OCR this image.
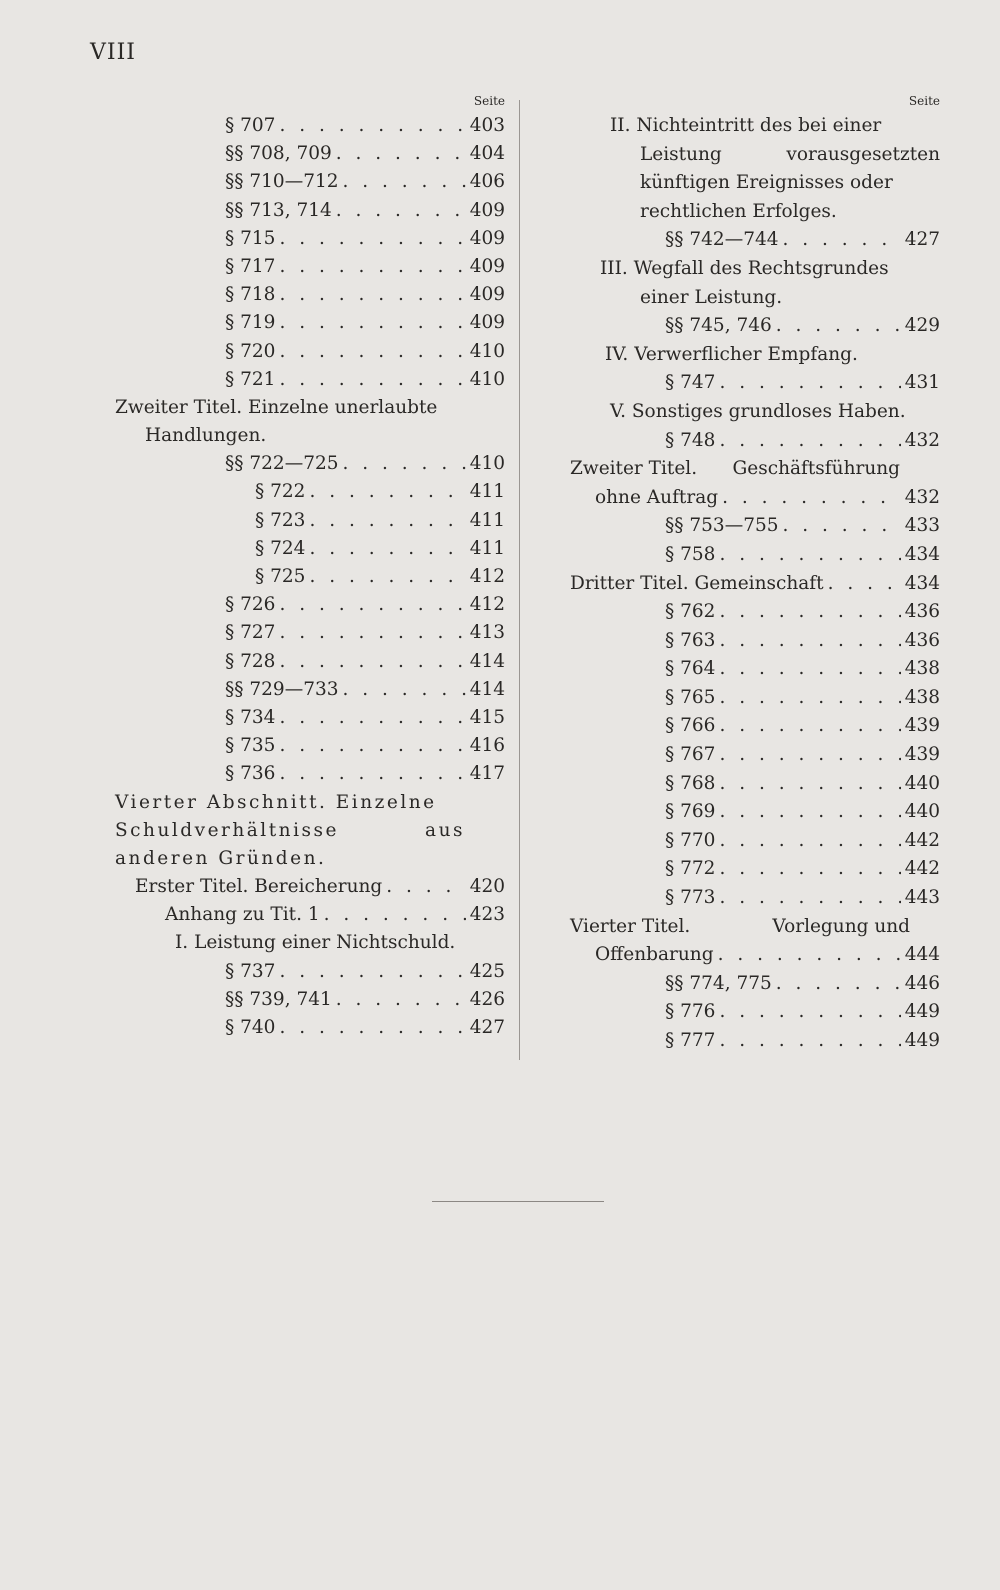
VIII
Seite
§ 707 . . .	403
§§ 708, 709 . . .	404
§§ 710—712 . . .	406
§§ 713, 714 . . .	409
§ 715 . . .	409
§ 717 . . .	409
§ 718 . . .	409
§ 719 . . .	409
§ 720 . . .	410
§ 721 . . .	410
Zweiter Titel. Einzelne unerlaubte
Handlungen.
§§ 722—725 . . .	410
§ 722 . . .	411
§ 723 . . .	411
§ 724 . . .	411
§ 725 . . .	412
§ 726 . . .	412
§ 727 . . .	413
§ 728 . . .	414
§§ 729—733 . . .	414
§ 734 . . .	415
§ 735 . . .	416
§ 736 . . .	417
Vierter Abschnitt. Einzelne
Schuldverhältnisse	aus
anderen Gründen.
Erster Titel. Bereicherung . . .	420
Anhang zu Tit. 1 . . .	423
I. Leistung einer Nichtschuld.
§ 737 . . .	425
§§ 739, 741 . . .	426
§ 740 . . .	427
Seite
II. Nichteintritt des bei einer
Leistung	vorausgesetzten
künftigen Ereignisses oder
rechtlichen Erfolges.
§§ 742—744 . . .	427
III. Wegfall des Rechtsgrundes
einer Leistung.
§§ 745, 746 . . .	429
IV. Verwerflicher Empfang.
§ 747 . . .	431
V. Sonstiges grundloses Haben.
§ 748 . . .	432
Zweiter Titel. Geschäftsführung
ohne Auftrag . . .	432
§§ 753—755 . . .	433
§ 758 . . .	434
Dritter Titel. Gemeinschaft . . .	434
§ 762 . . .	436
§ 763 . . .	436
§ 764 . . .	438
§ 765 . . .	438
§ 766 . . .	439
§ 767 . . .	439
§ 768 . . .	440
§ 769 . . .	440
§ 770 . . .	442
§ 772 . . .	442
§ 773 . . .	443
Vierter Titel.	Vorlegung und
Offenbarung . . .	444
§§ 774, 775 . . .	446
§ 776 . . .	449
§ 777 . . .	449
